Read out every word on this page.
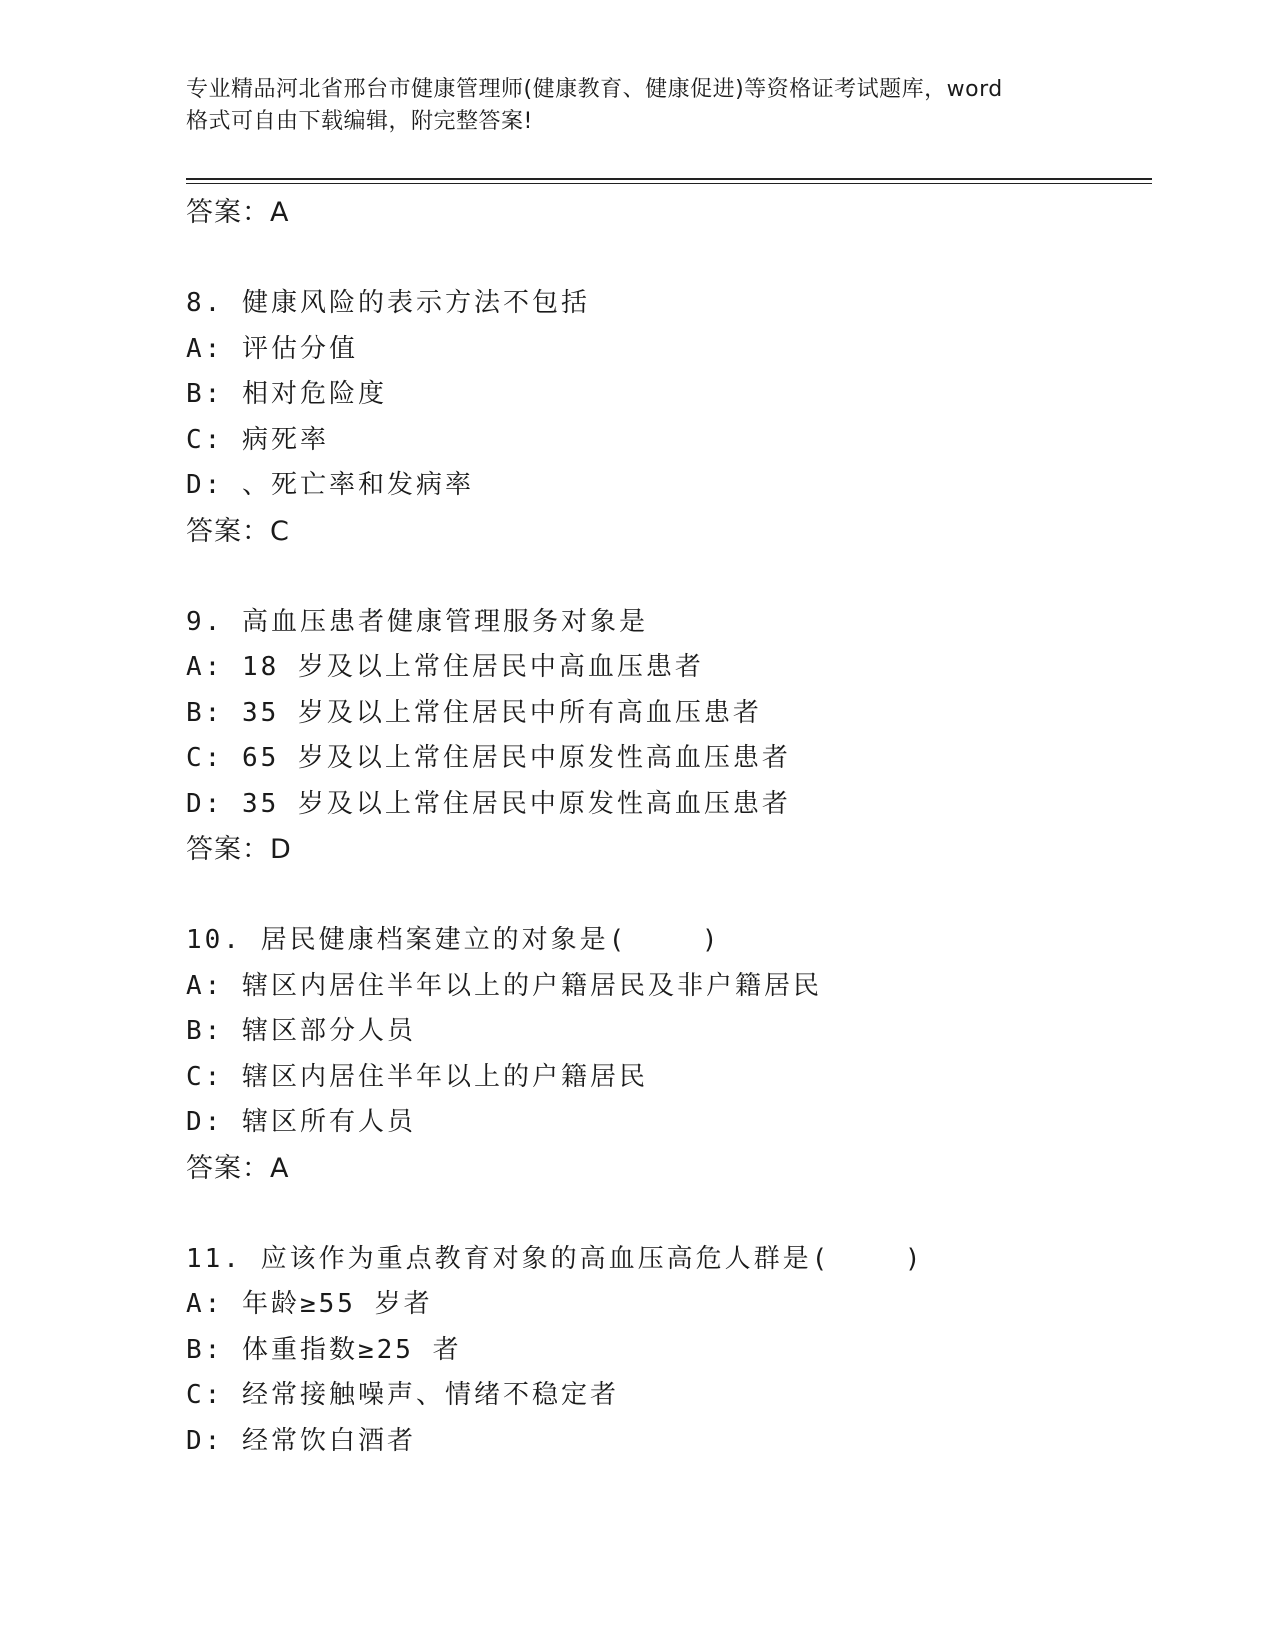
专业精品河北省邢台市健康管理师(健康教育、健康促进)等资格证考试题库，word
格式可自由下载编辑，附完整答案!
答案：A
8. 健康风险的表示方法不包括
A: 评估分值
B: 相对危险度
C: 病死率
D: 、死亡率和发病率
答案：C
9. 高血压患者健康管理服务对象是
A: 18 岁及以上常住居民中高血压患者
B: 35 岁及以上常住居民中所有高血压患者
C: 65 岁及以上常住居民中原发性高血压患者
D: 35 岁及以上常住居民中原发性高血压患者
答案：D
10. 居民健康档案建立的对象是(    )
A: 辖区内居住半年以上的户籍居民及非户籍居民
B: 辖区部分人员
C: 辖区内居住半年以上的户籍居民
D: 辖区所有人员
答案：A
11. 应该作为重点教育对象的高血压高危人群是(    )
A: 年龄≥55 岁者
B: 体重指数≥25 者
C: 经常接触噪声、情绪不稳定者
D: 经常饮白酒者
